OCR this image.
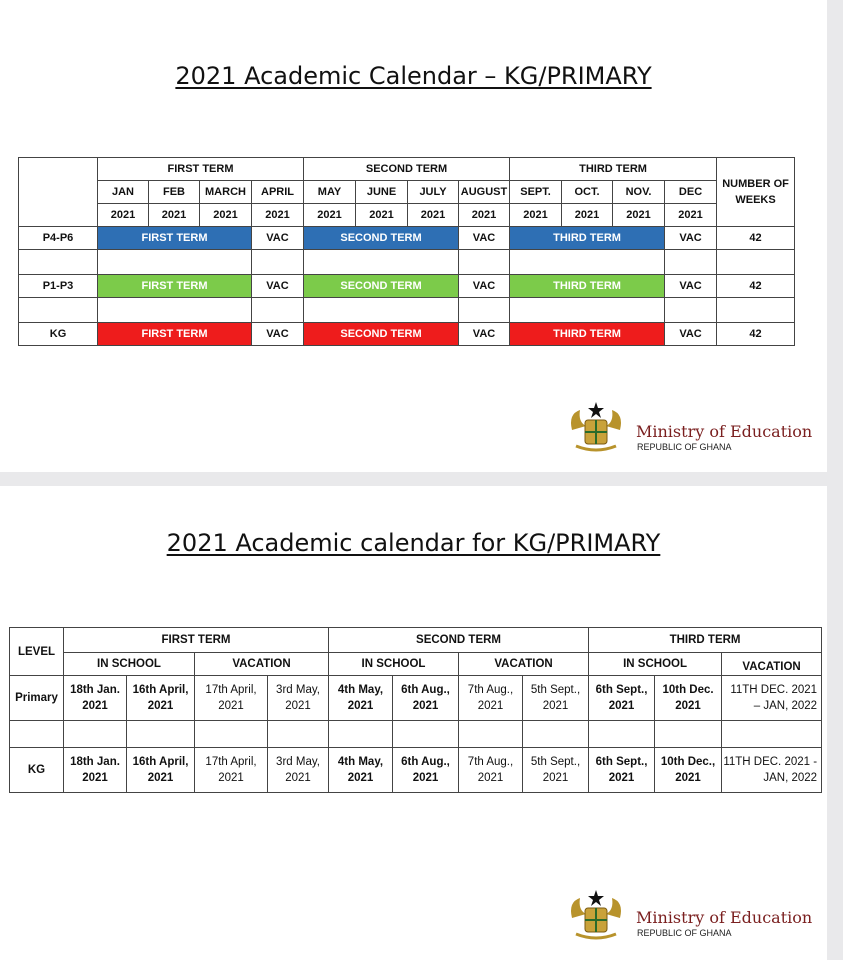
2021 Academic Calendar – KG/PRIMARY
	FIRST TERM				SECOND TERM				THIRD TERM				NUMBER OF WEEKS
	JAN	FEB	MARCH	APRIL	MAY	JUNE	JULY	AUGUST	SEPT.	OCT.	NOV.	DEC	
	2021	2021	2021	2021	2021	2021	2021	2021	2021	2021	2021	2021	
P4-P6	FIRST TERM			VAC	SECOND TERM			VAC	THIRD TERM			VAC	42

P1-P3	FIRST TERM			VAC	SECOND TERM			VAC	THIRD TERM			VAC	42

KG	FIRST TERM			VAC	SECOND TERM			VAC	THIRD TERM			VAC	42
Ministry of Education
REPUBLIC OF GHANA
2021 Academic calendar for KG/PRIMARY
LEVEL	FIRST TERM				SECOND TERM				THIRD TERM		
	IN SCHOOL		VACATION		IN SCHOOL		VACATION		IN SCHOOL		VACATION
Primary	18th Jan. 2021	16th April, 2021	17th April, 2021	3rd May, 2021	4th May, 2021	6th Aug., 2021	7th Aug., 2021	5th Sept., 2021	6th Sept., 2021	10th Dec. 2021	11TH DEC. 2021 – JAN, 2022

KG	18th Jan. 2021	16th April, 2021	17th April, 2021	3rd May, 2021	4th May, 2021	6th Aug., 2021	7th Aug., 2021	5th Sept., 2021	6th Sept., 2021	10th Dec., 2021	11TH DEC. 2021 - JAN, 2022
Ministry of Education
REPUBLIC OF GHANA
